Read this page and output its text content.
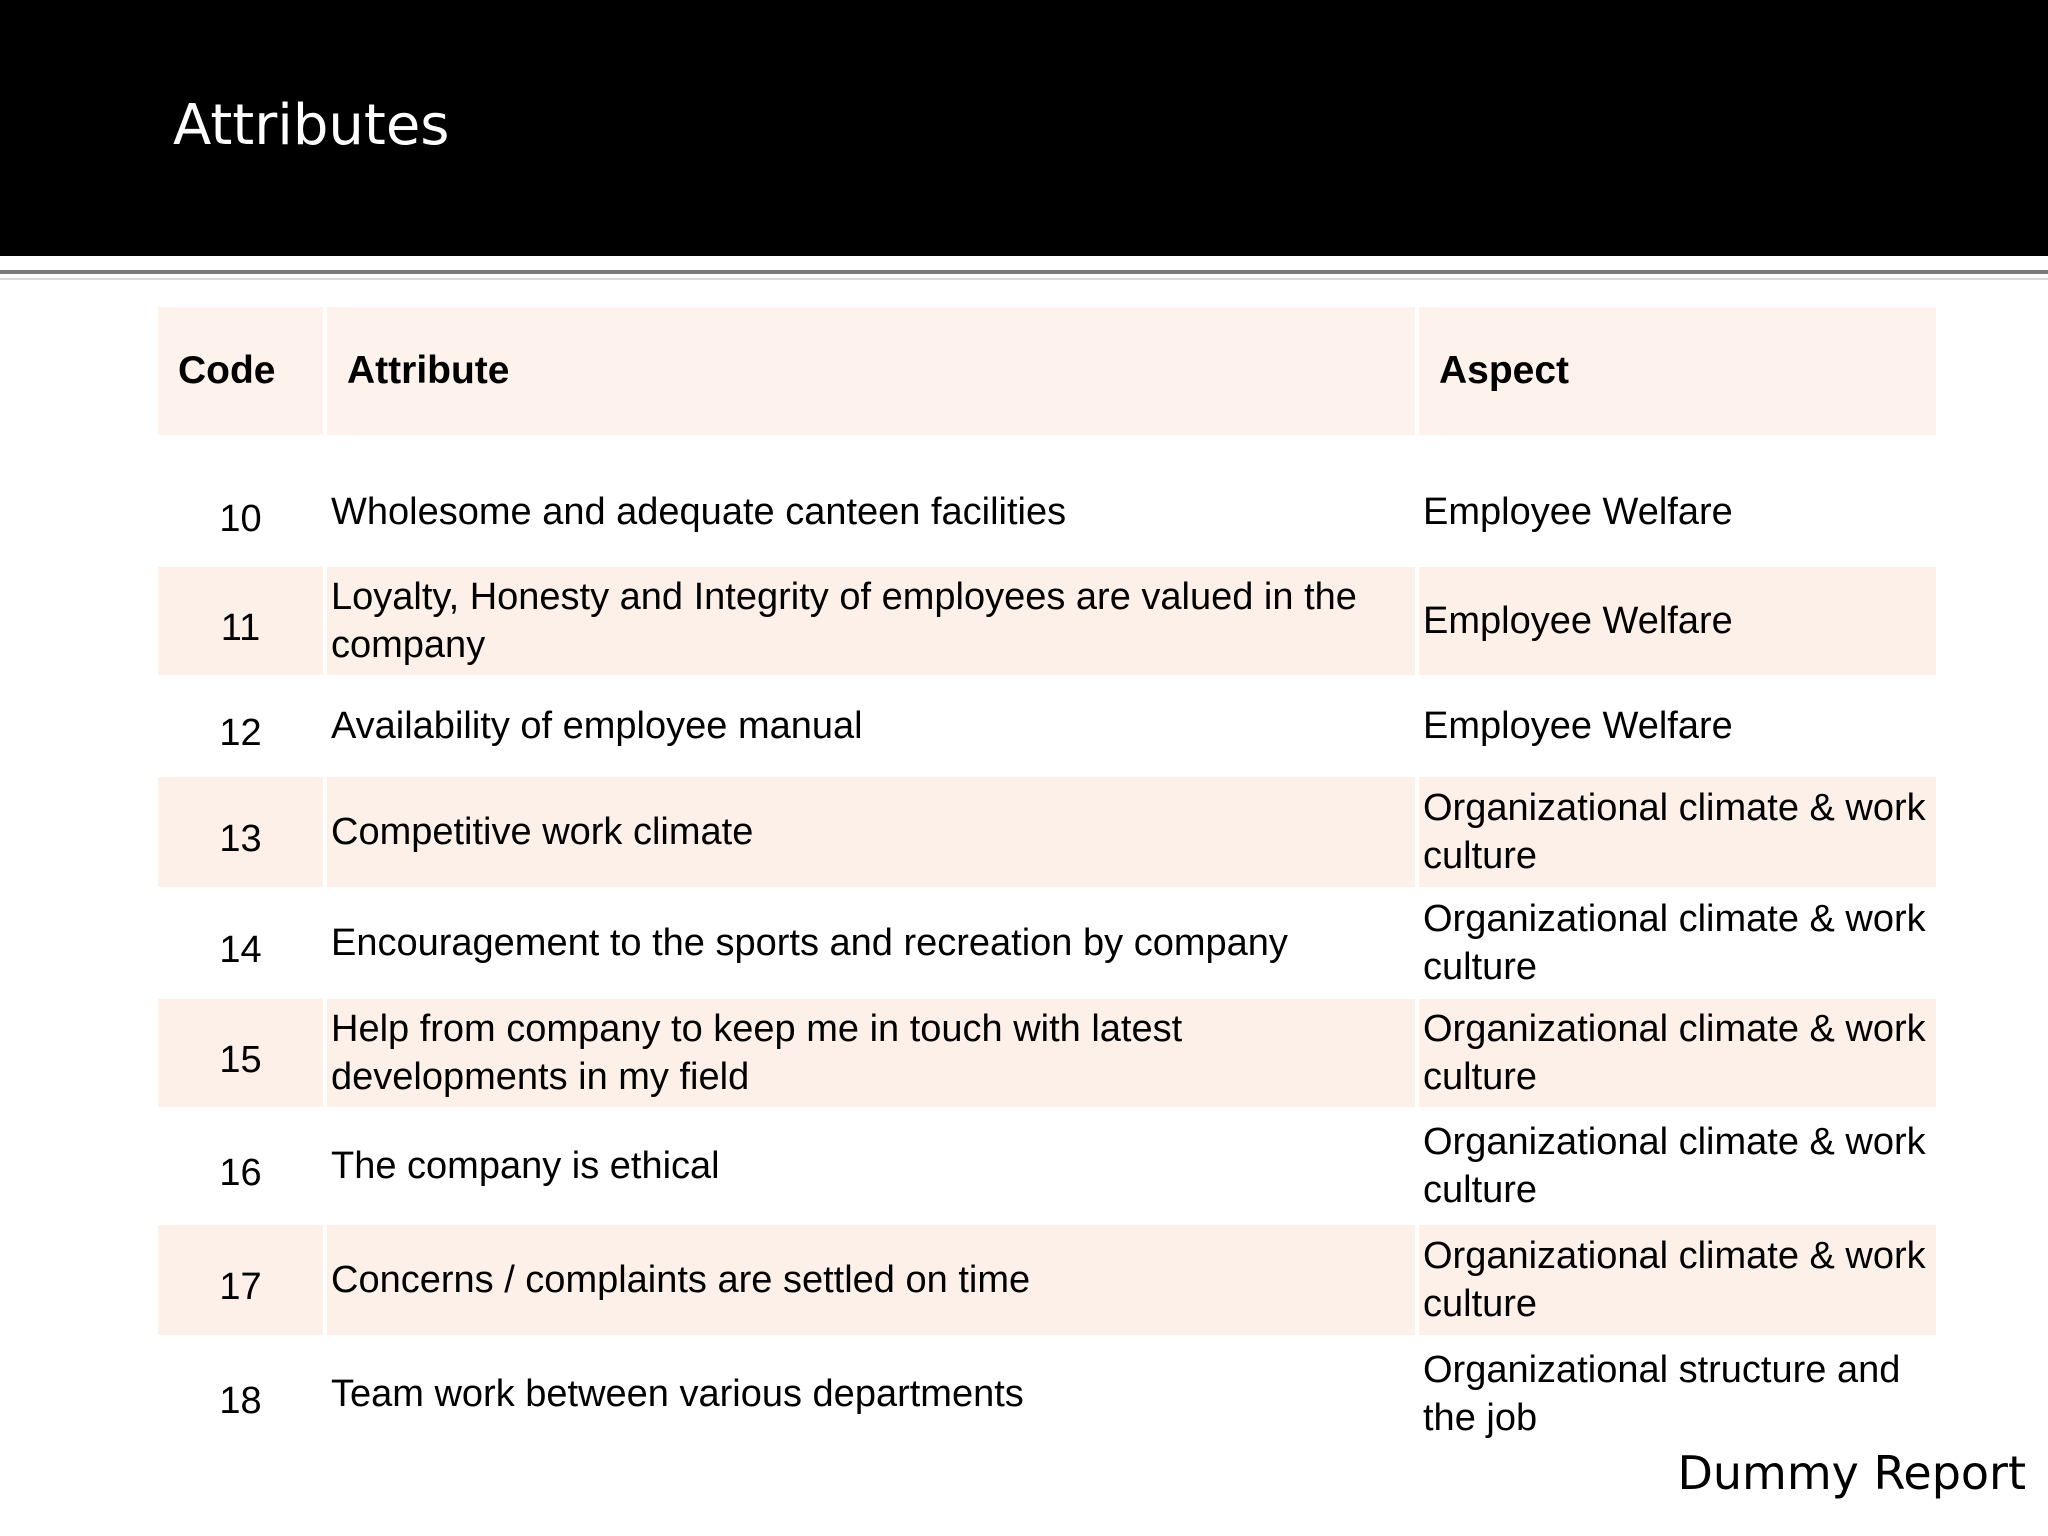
Attributes
Code	Attribute	Aspect

10	Wholesome and adequate canteen facilities	Employee Welfare
11	Loyalty, Honesty and Integrity of employees are valued in the company	Employee Welfare
12	Availability of employee manual	Employee Welfare
13	Competitive work climate	Organizational climate & work culture
14	Encouragement to the sports and recreation by company	Organizational climate & work culture
15	Help from company to keep me in touch with latest developments in my field	Organizational climate & work culture
16	The company is ethical	Organizational climate & work culture
17	Concerns / complaints are settled on time	Organizational climate & work culture
18	Team work between various departments	Organizational structure and the job
Dummy Report
